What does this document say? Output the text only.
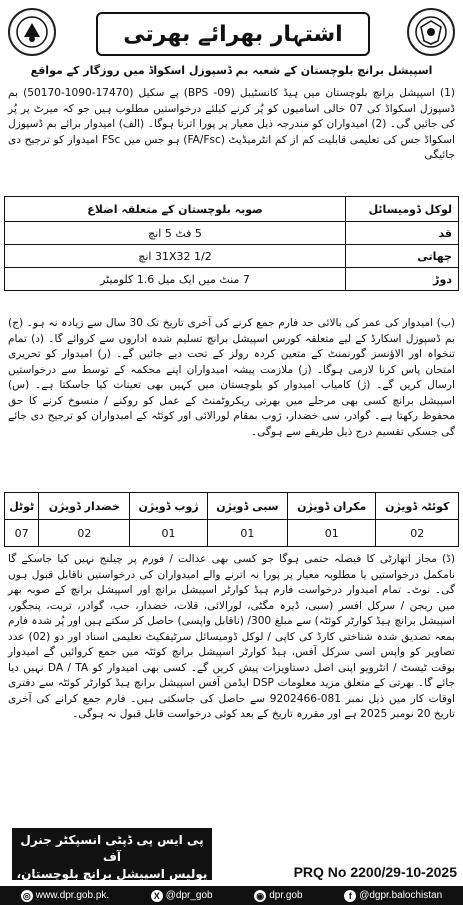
اشتہار بھرائے بھرتی
اسپیشل برانچ بلوچستان کے شعبہ بم ڈسپوزل اسکواڈ میں روزگار کے مواقع
(1) اسپیشل برانچ بلوچستان میں ہیڈ کانسٹیبل (BPS -09) پے سکیل (17470-1090-50170) بم ڈسپوزل اسکواڈ کی 07 خالی اسامیوں کو پُر کرنے کیلئے درخواستیں مطلوب ہیں جو کہ میرٹ پر پُر کی جائیں گی۔ (2) امیدواران کو مندرجہ ذیل معیار پر پورا اترنا ہوگا۔ (الف) امیدوار برائے بم ڈسپوزل اسکواڈ جس کی تعلیمی قابلیت کم از کم انٹرمیڈیٹ (FA/Fsc) ہو جس میں FSc امیدوار کو ترجیح دی جائیگی
لوکل ڈومیسائل	صوبہ بلوچستان کے متعلقہ اضلاع
قد	5 فٹ 5 انچ
چھاتی	31X32 1/2 انچ
دوڑ	7 منٹ میں ایک میل 1.6 کلومیٹر
(ب) امیدوار کی عمر کی بالائی حد فارم جمع کرنے کی آخری تاریخ تک 30 سال سے زیادہ نہ ہو۔ (ج) بم ڈسپوزل اسکارڈ کے لیے متعلقہ کورس اسپیشل برانچ تسلیم شدہ اداروں سے کروائے گا۔ (د) تمام تنخواہ اور الاؤنسز گورنمنٹ کے متعین کردہ رولز کے تحت دیے جائیں گے۔ (ر) امیدوار کو تحریری امتحان پاس کرنا لازمی ہوگا۔ (ز) ملازمت پیشہ امیدواران اپنے محکمہ کے توسط سے درخواستیں ارسال کریں گے۔ (ژ) کامیاب امیدوار کو بلوچستان میں کہیں بھی تعینات کیا جاسکتا ہے۔ (س) اسپیشل برانچ کسی بھی مرحلے میں بھرتی ریکروٹمنٹ کے عمل کو روکنے / منسوخ کرنے کا حق محفوظ رکھتا ہے۔ گوادر، سی خضدار، ژوب بمقام لورالائی اور کوئٹہ کے امیدواران کو ترجیح دی جائے گی جسکی تقسیم درج ذیل طریقے سے ہوگی۔
کوئٹہ ڈویژن	مکران ڈویژن	سبی ڈویژن	ژوب ڈویژن	خضدار ڈویژن	ٹوٹل
02	01	01	01	02	07
(ڈ) مجاز اتھارٹی کا فیصلہ حتمی ہوگا جو کسی بھی عدالت / فورم پر چیلنج نہیں کیا جاسکے گا نامکمل درخواستیں یا مطلوبہ معیار پر پورا نہ اترنے والے امیدواران کی درخواستیں ناقابل قبول ہوں گی۔ نوٹ۔ تمام امیدوار درخواست فارم ہیڈ کوارٹر اسپیشل برانچ اور اسپیشل برانچ کے صوبہ بھر میں ریجن / سرکل افسر (سبی، ڈیرہ مگٹی، لورالائی، قلات، خضدار، حب، گوادر، تربت، پنجگور، اسپیشل برانچ ہیڈ کوارٹر کوئٹہ) سے مبلغ 300/ (ناقابل واپسی) حاصل کر سکتے ہیں اور پُر شدہ فارم بمعہ تصدیق شدہ شناختی کارڈ کی کاپی / لوکل ڈومیسائل سرٹیفکیٹ تعلیمی اسناد اور دو (02) عدد تصاویر کو واپس اسی سرکل آفس، ہیڈ کوارٹر اسپیشل برانچ کوئٹہ میں جمع کروائیں گے امیدوار بوقت ٹیسٹ / انٹرویو اپنی اصل دستاویزات پیش کریں گے۔ کسی بھی امیدوار کو DA / TA نہیں دیا جائے گا۔ بھرتی کے متعلق مزید معلومات DSP ایڈمن آفس اسپیشل برانچ ہیڈ کوارٹر کوئٹہ سے دفتری اوقات کار میں ذیل نمبر 081-9202466 سے حاصل کی جاسکتی ہیں۔ فارم جمع کرانے کی آخری تاریخ 20 نومبر 2025 ہے اور مقررہ تاریخ کے بعد کوئی درخواست قابل قبول نہ ہوگی۔
پی ایس پی ڈپٹی انسپکٹر جنرل آف
پولیس اسپیشل برانچ بلوچستان،	PRQ No 2200/29-10-2025
◎ www.dpr.gob.pk.	X @dpr_gob	◉ dpr.gob	f @dgpr.balochistan
